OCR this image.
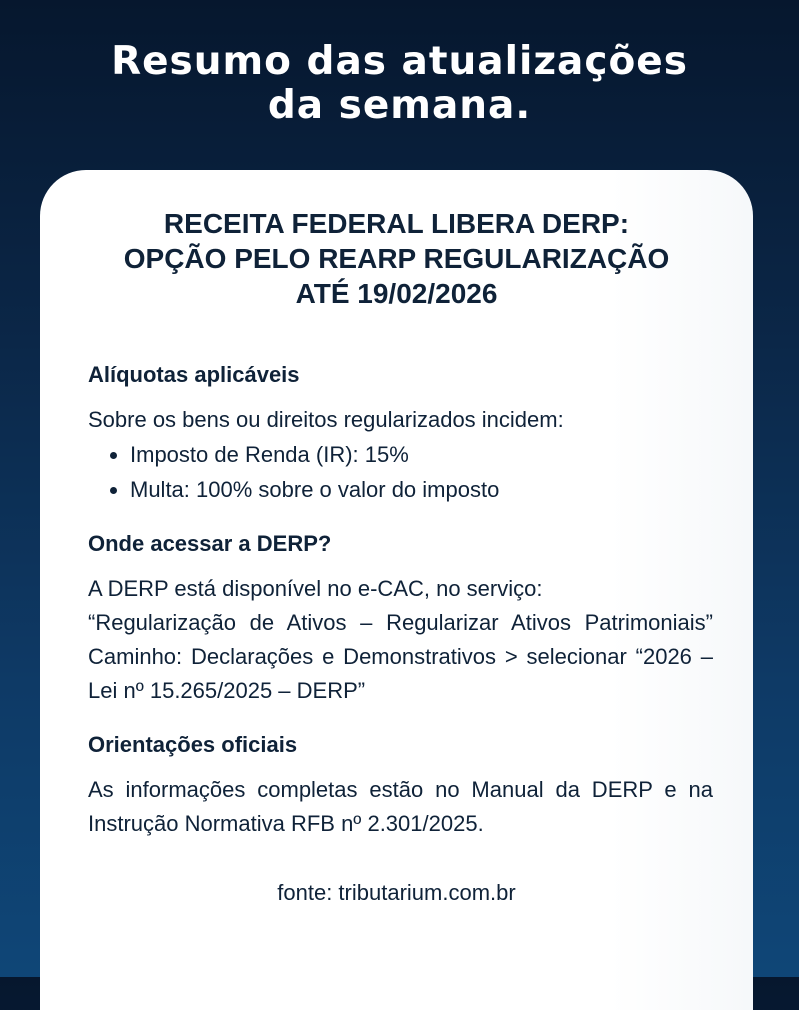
Resumo das atualizações
da semana.
RECEITA FEDERAL LIBERA DERP:
OPÇÃO PELO REARP REGULARIZAÇÃO
ATÉ 19/02/2026
Alíquotas aplicáveis

Sobre os bens ou direitos regularizados incidem:

• Imposto de Renda (IR): 15%
• Multa: 100% sobre o valor do imposto
Onde acessar a DERP?

A DERP está disponível no e-CAC, no serviço:

“Regularização de Ativos – Regularizar Ativos Patrimoniais” Caminho: Declarações e Demonstrativos > selecionar “2026 – Lei nº 15.265/2025 – DERP”

Orientações oficiais

As informações completas estão no Manual da DERP e na Instrução Normativa RFB nº 2.301/2025.

fonte: tributarium.com.br
